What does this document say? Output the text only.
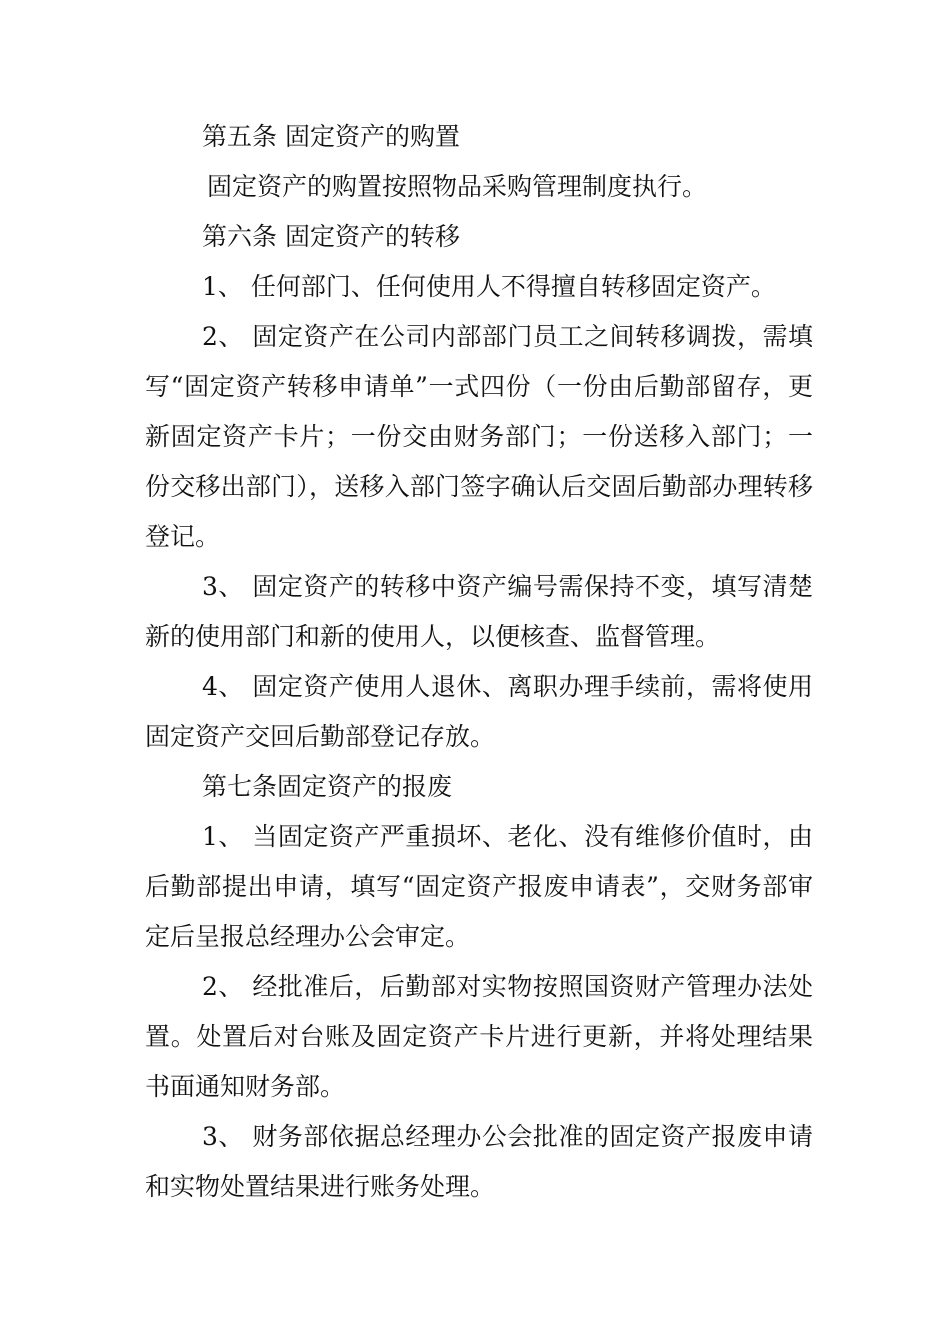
第五条 固定资产的购置

固定资产的购置按照物品采购管理制度执行。

第六条 固定资产的转移

1、 任何部门、任何使用人不得擅自转移固定资产。

2、 固定资产在公司内部部门员工之间转移调拨，需填写“固定资产转移申请单”一式四份（一份由后勤部留存，更新固定资产卡片；一份交由财务部门；一份送移入部门；一份交移出部门），送移入部门签字确认后交固后勤部办理转移登记。

3、 固定资产的转移中资产编号需保持不变，填写清楚新的使用部门和新的使用人，以便核查、监督管理。

4、 固定资产使用人退休、离职办理手续前，需将使用固定资产交回后勤部登记存放。

第七条固定资产的报废

1、 当固定资产严重损坏、老化、没有维修价值时，由后勤部提出申请，填写“固定资产报废申请表”，交财务部审定后呈报总经理办公会审定。

2、 经批准后，后勤部对实物按照国资财产管理办法处置。处置后对台账及固定资产卡片进行更新，并将处理结果书面通知财务部。

3、 财务部依据总经理办公会批准的固定资产报废申请和实物处置结果进行账务处理。
